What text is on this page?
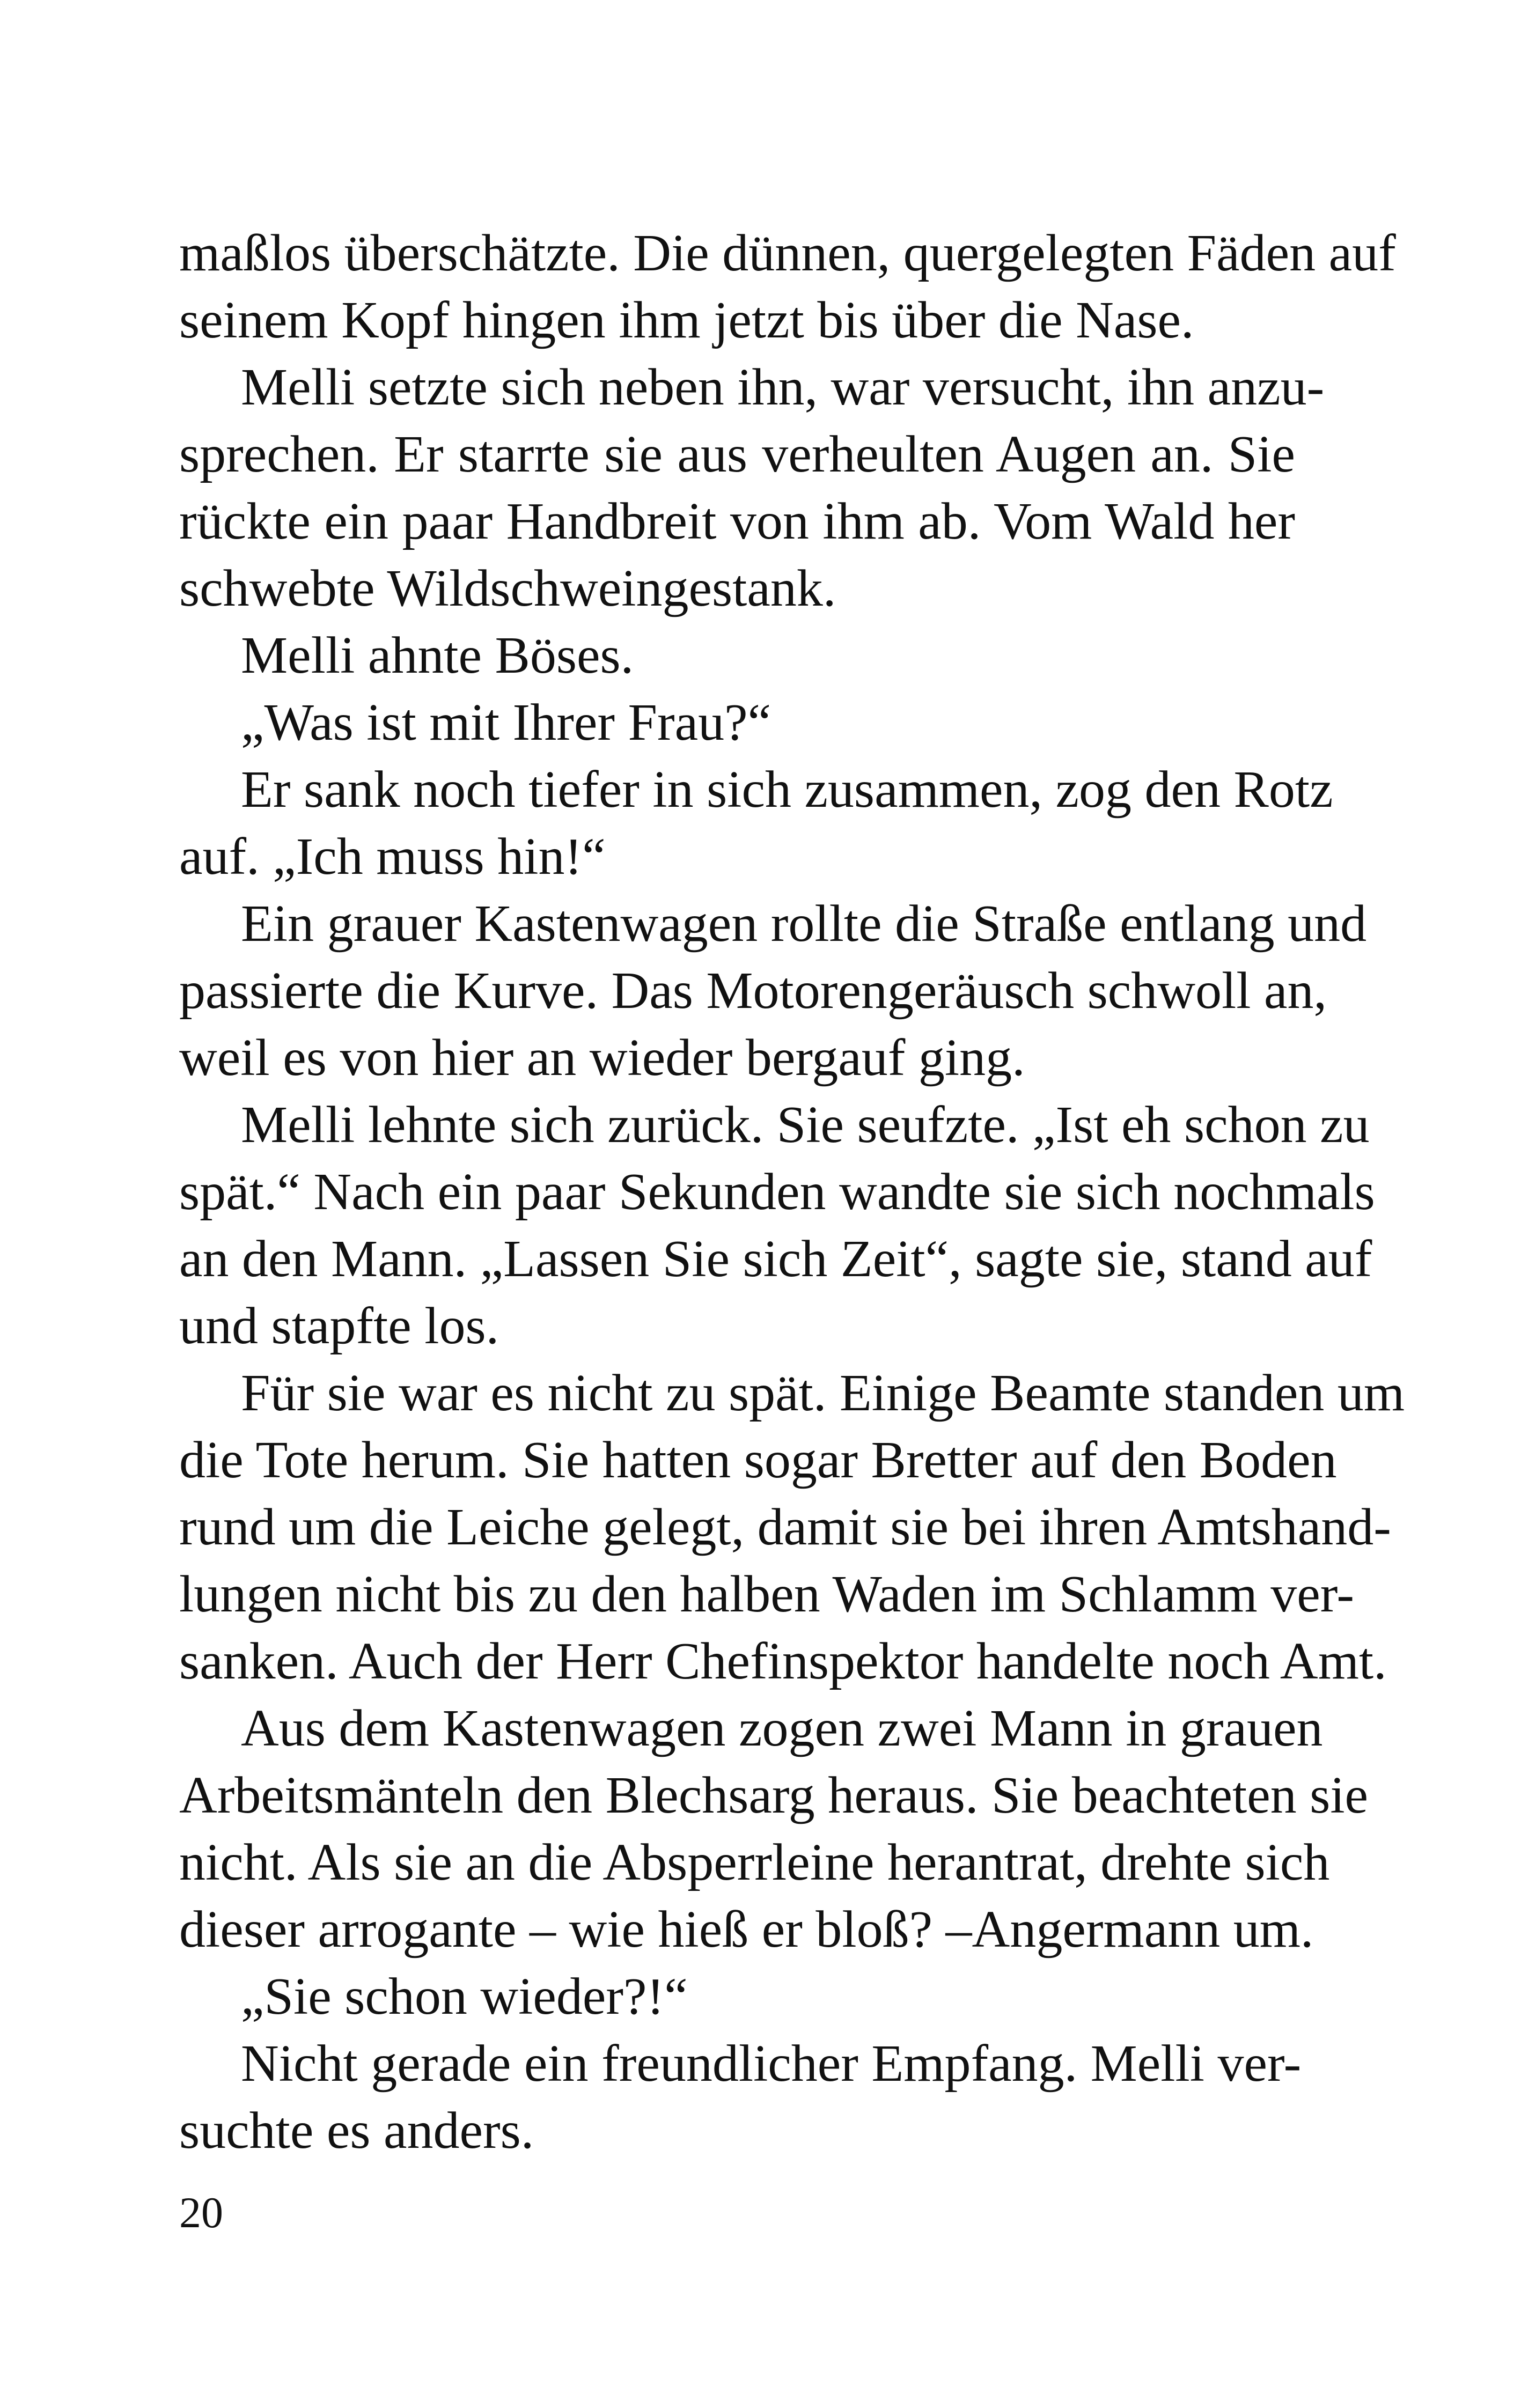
maßlos überschätzte. Die dünnen, quergelegten Fäden auf
seinem Kopf hingen ihm jetzt bis über die Nase.
Melli setzte sich neben ihn, war versucht, ihn anzu-
sprechen. Er starrte sie aus verheulten Augen an. Sie
rückte ein paar Handbreit von ihm ab. Vom Wald her
schwebte Wildschweingestank.
Melli ahnte Böses.
„Was ist mit Ihrer Frau?“
Er sank noch tiefer in sich zusammen, zog den Rotz
auf. „Ich muss hin!“
Ein grauer Kastenwagen rollte die Straße entlang und
passierte die Kurve. Das Motorengeräusch schwoll an,
weil es von hier an wieder bergauf ging.
Melli lehnte sich zurück. Sie seufzte. „Ist eh schon zu
spät.“ Nach ein paar Sekunden wandte sie sich nochmals
an den Mann. „Lassen Sie sich Zeit“, sagte sie, stand auf
und stapfte los.
Für sie war es nicht zu spät. Einige Beamte standen um
die Tote herum. Sie hatten sogar Bretter auf den Boden
rund um die Leiche gelegt, damit sie bei ihren Amtshand-
lungen nicht bis zu den halben Waden im Schlamm ver-
sanken. Auch der Herr Chefinspektor handelte noch Amt.
Aus dem Kastenwagen zogen zwei Mann in grauen
Arbeitsmänteln den Blechsarg heraus. Sie beachteten sie
nicht. Als sie an die Absperrleine herantrat, drehte sich
dieser arrogante – wie hieß er bloß? –Angermann um.
„Sie schon wieder?!“
Nicht gerade ein freundlicher Empfang. Melli ver-
suchte es anders.
20
